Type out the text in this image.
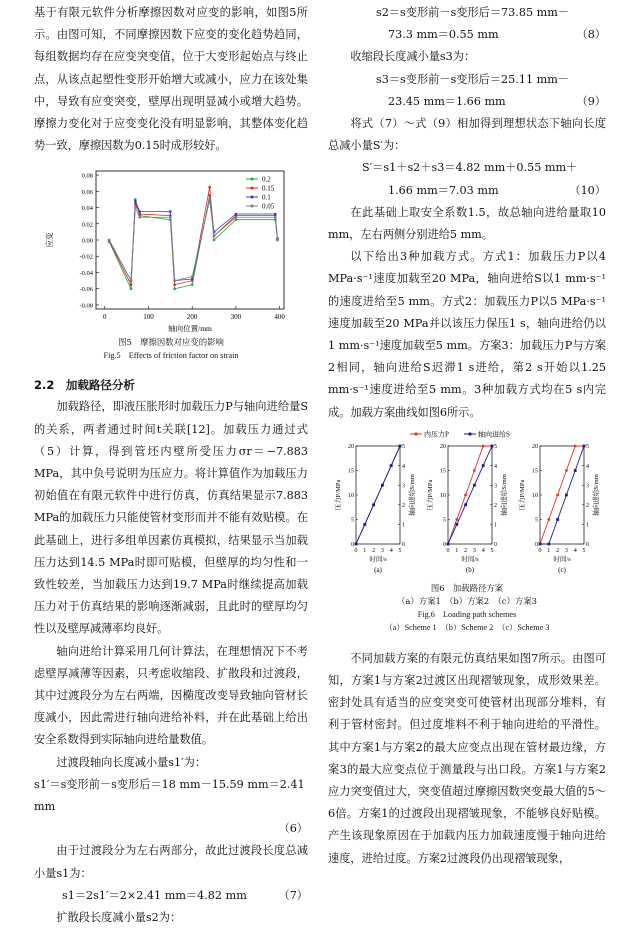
基于有限元软件分析摩擦因数对应变的影响，如图5所示。由图可知，不同摩擦因数下应变的变化趋势趋同，每组数据均存在应变突变值，位于大变形起始点与终止点，从该点起塑性变形开始增大或减小，应力在该处集中，导致有应变突变，壁厚出现明显减小或增大趋势。摩擦力变化对于应变变化没有明显影响，其整体变化趋势一致，摩擦因数为0.15时成形较好。

-0.08
-0.06
-0.04
-0.02
0.00
0.02
0.04
0.06
0.08
0	100	200	300	400
轴向位置/mm
应变
0.2
0.15
0.1
0.05

图5　摩擦因数对应变的影响

Fig.5　Effects of friction factor on strain

2.2　加载路径分析

加载路径，即液压胀形时加载压力P与轴向进给量S的关系，两者通过时间t关联[12]。加载压力通过式（5）计算，得到管坯内壁所受压力σr＝−7.883 MPa，其中负号说明为压应力。将计算值作为加载压力初始值在有限元软件中进行仿真，仿真结果显示7.883 MPa的加载压力只能使管材变形而并不能有效贴模。在此基础上，进行多组单因素仿真模拟，结果显示当加载压力达到14.5 MPa时即可贴模，但壁厚的均匀性和一致性较差，当加载压力达到19.7 MPa时继续提高加载压力对于仿真结果的影响逐渐减弱，且此时的壁厚均匀性以及壁厚减薄率均良好。

轴向进给计算采用几何计算法，在理想情况下不考虑壁厚减薄等因素，只考虑收缩段、扩散段和过渡段，其中过渡段分为左右两端，因椭度改变导致轴向管材长度减小，因此需进行轴向进给补料，并在此基础上给出安全系数得到实际轴向进给量数值。

过渡段轴向长度减小量s1′为：

s1′＝s变形前－s变形后＝18 mm－15.59 mm＝2.41 mm
（6）

由于过渡段分为左右两部分，故此过渡段长度总减小量s1为：

s1＝2s1′＝2×2.41 mm＝4.82 mm	（7）

扩散段长度减小量s2为：

s2＝s变形前－s变形后＝73.85 mm－
73.3 mm＝0.55 mm	（8）

收缩段长度减小量s3为：

s3＝s变形前－s变形后＝25.11 mm－
23.45 mm＝1.66 mm	（9）

将式（7）～式（9）相加得到理想状态下轴向长度总减小量S′为：

S′＝s1＋s2＋s3＝4.82 mm＋0.55 mm＋
1.66 mm＝7.03 mm	（10）

在此基础上取安全系数1.5，故总轴向进给量取10 mm，左右两侧分别进给5 mm。

以下给出3种加载方式。方式1：加载压力P以4 MPa·s⁻¹速度加载至20 MPa，轴向进给S以1 mm·s⁻¹的速度进给至5 mm。方式2：加载压力P以5 MPa·s⁻¹速度加载至20 MPa并以该压力保压1 s，轴向进给仍以1 mm·s⁻¹速度加载至5 mm。方案3：加载压力P与方案2相同，轴向进给S迟滞1 s进给，第2 s开始以1.25 mm·s⁻¹速度进给至5 mm。3种加载方式均在5 s内完成。加载方案曲线如图6所示。

内压力P	轴向进给S
0
5
10
15
20
0
0
1
1
2
2
3
3
4
4
5
5
时间/s
压力P/MPa	轴向进给S/mm
(a)
0
5
10
15
20
0
0
1
1
2
2
3
3
4
4
5
5
时间/s
压力P/MPa	轴向进给S/mm
(b)
0
5
10
15
20
0
0
1
1
2
2
3
3
4
4
5
5
时间/s
压力P/MPa	轴向进给S/mm
(c)

图6　加载路径方案

（a）方案1　（b）方案2　（c）方案3

Fig.6　Loading path schemes

（a）Scheme 1　（b）Scheme 2　（c）Scheme 3

不同加载方案的有限元仿真结果如图7所示。由图可知，方案1与方案2过渡区出现褶皱现象，成形效果差。密封处具有适当的应变突变可使管材出现部分堆料，有利于管材密封。但过度堆料不利于轴向进给的平滑性。其中方案1与方案2的最大应变点出现在管材最边缘，方案3的最大应变点位于测量段与出口段。方案1与方案2应力突变值过大，突变值超过摩擦因数突变最大值的5～6倍。方案1的过渡段出现褶皱现象，不能够良好贴模。产生该现象原因在于加载内压力加载速度慢于轴向进给速度，进给过度。方案2过渡段仍出现褶皱现象，
